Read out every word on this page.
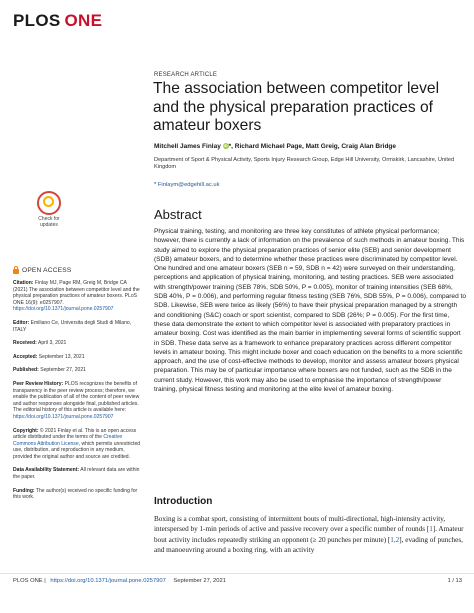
PLOS ONE
RESEARCH ARTICLE
The association between competitor level and the physical preparation practices of amateur boxers
Mitchell James Finlay iD*, Richard Michael Page, Matt Greig, Craig Alan Bridge
Department of Sport & Physical Activity, Sports Injury Research Group, Edge Hill University, Ormskirk, Lancashire, United Kingdom
* Finlaym@edgehill.ac.uk
Check for
updates
OPEN ACCESS

Citation: Finlay MJ, Page RM, Greig M, Bridge CA (2021) The association between competitor level and the physical preparation practices of amateur boxers. PLoS ONE 16(9): e0257907. https://doi.org/10.1371/journal.pone.0257907

Editor: Emiliano Ce, Universita degli Studi di Milano, ITALY

Received: April 3, 2021

Accepted: September 13, 2021

Published: September 27, 2021

Peer Review History: PLOS recognizes the benefits of transparency in the peer review process; therefore, we enable the publication of all of the content of peer review and author responses alongside final, published articles. The editorial history of this article is available here: https://doi.org/10.1371/journal.pone.0257907

Copyright: © 2021 Finlay et al. This is an open access article distributed under the terms of the Creative Commons Attribution License, which permits unrestricted use, distribution, and reproduction in any medium, provided the original author and source are credited.

Data Availability Statement: All relevant data are within the paper.

Funding: The author(s) received no specific funding for this work.

Abstract
Physical training, testing, and monitoring are three key constitutes of athlete physical performance; however, there is currently a lack of information on the prevalence of such methods in amateur boxing. This study aimed to explore the physical preparation practices of senior elite (SEB) and senior development (SDB) amateur boxers, and to determine whether these practices were discriminated by competitor level. One hundred and one amateur boxers (SEB n = 59, SDB n = 42) were surveyed on their understanding, perceptions and application of physical training, monitoring, and testing practices. SEB were associated with strength/power training (SEB 78%, SDB 50%, P = 0.005), monitor of training intensities (SEB 68%, SDB 40%, P = 0.006), and performing regular fitness testing (SEB 76%, SDB 55%, P = 0.006), compared to SDB. Likewise, SEB were twice as likely (56%) to have their physical preparation managed by a strength and conditioning (S&C) coach or sport scientist, compared to SDB (26%; P = 0.005). For the first time, these data demonstrate the extent to which competitor level is associated with preparatory practices in amateur boxing. Cost was identified as the main barrier in implementing several forms of scientific support in SDB. These data serve as a framework to enhance preparatory practices across different competitor levels in amateur boxing. This might include boxer and coach education on the benefits to a more scientific approach, and the use of cost-effective methods to develop, monitor and assess amateur boxers physical preparation. This may be of particular importance where boxers are not funded, such as the SDB in the current study. However, this work may also be used to emphasise the importance of strength/power training, physical fitness testing and monitoring at the elite level of amateur boxing.
Introduction
Boxing is a combat sport, consisting of intermittent bouts of multi-directional, high-intensity activity, interspersed by 1-min periods of active and passive recovery over a specific number of rounds [1]. Amateur bout activity includes repeatedly striking an opponent (≥ 20 punches per minute) [1,2], evading of punches, and manoeuvring around a boxing ring, with an activity
PLOS ONE | https://doi.org/10.1371/journal.pone.0257907 September 27, 2021	1 / 13
